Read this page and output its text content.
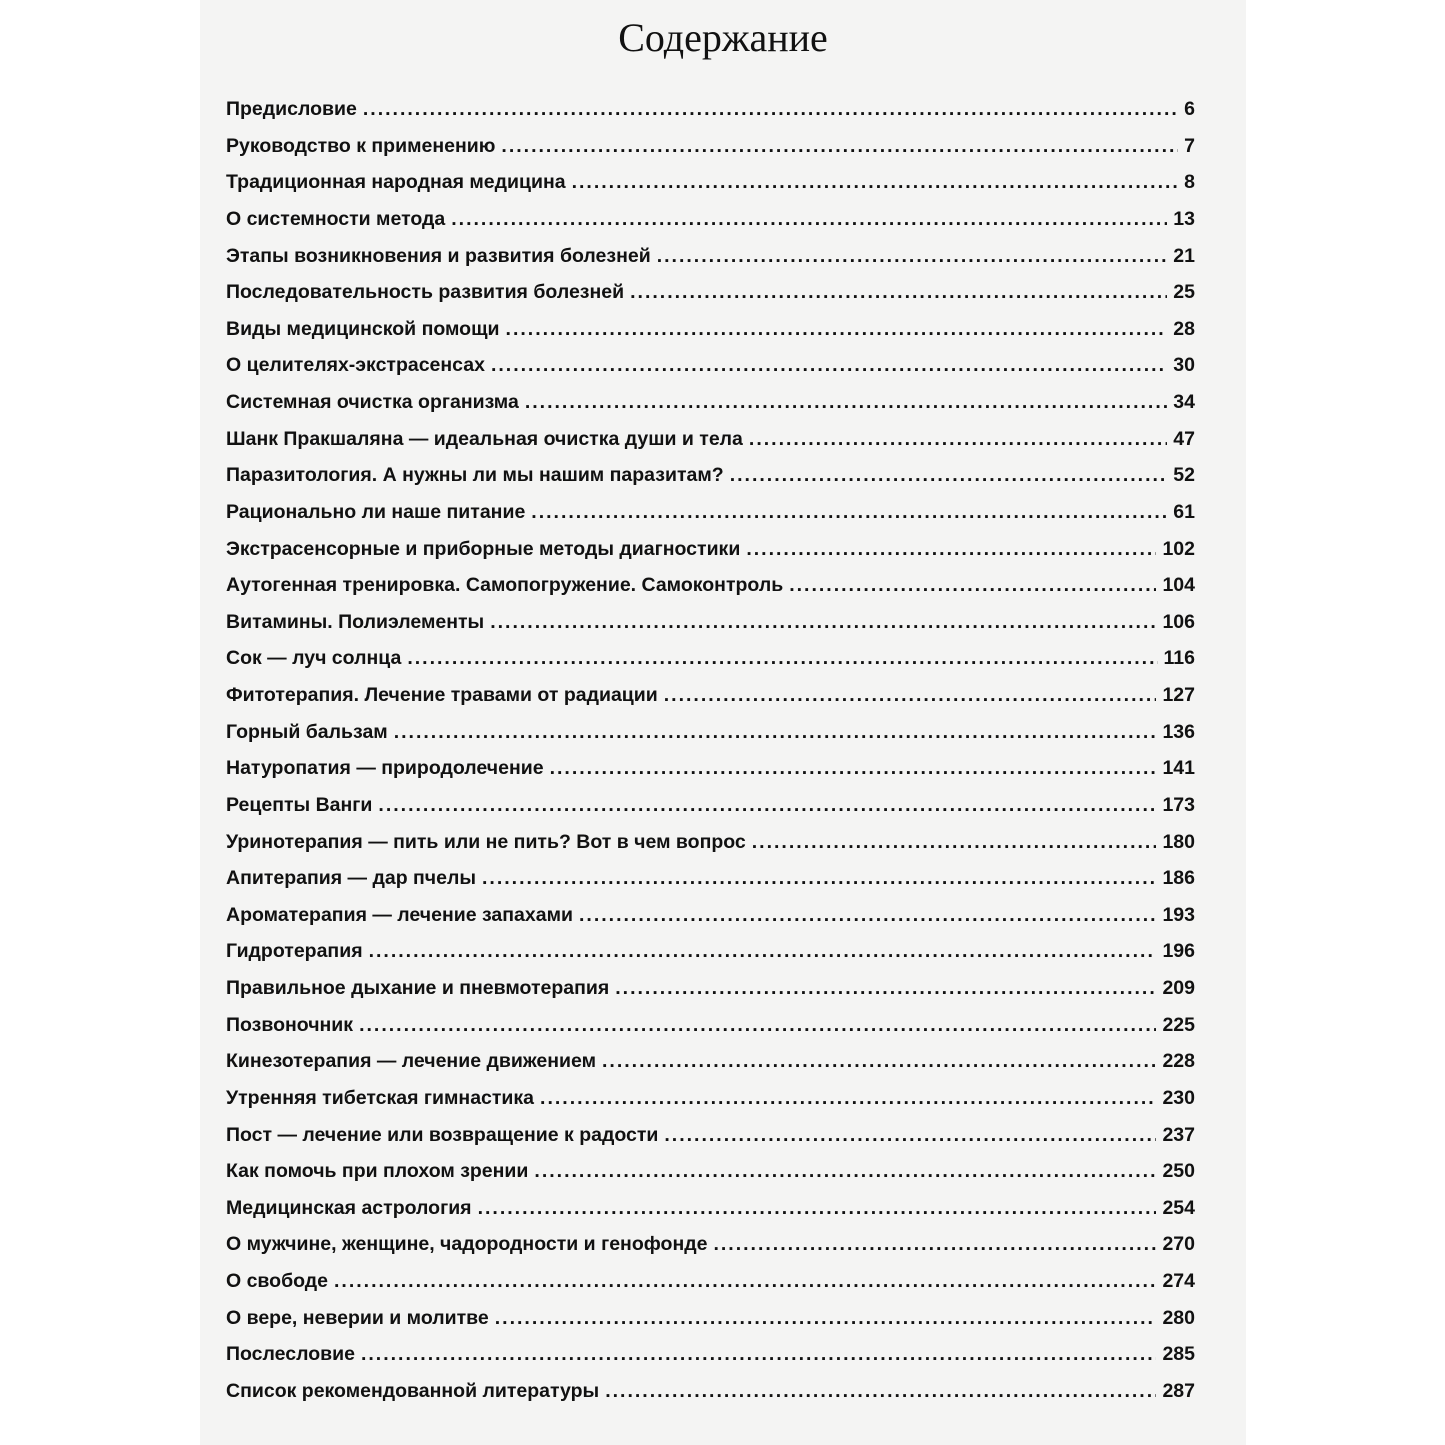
Содержание
Предисловие .....	6
Руководство к применению .....	7
Традиционная народная медицина .....	8
О системности метода .....	13
Этапы возникновения и развития болезней .....	21
Последовательность развития болезней .....	25
Виды медицинской помощи .....	28
О целителях-экстрасенсах .....	30
Системная очистка организма .....	34
Шанк Пракшаляна — идеальная очистка души и тела .....	47
Паразитология. А нужны ли мы нашим паразитам? .....	52
Рационально ли наше питание .....	61
Экстрасенсорные и приборные методы диагностики .....	102
Аутогенная тренировка. Самопогружение. Самоконтроль .....	104
Витамины. Полиэлементы .....	106
Сок — луч солнца .....	116
Фитотерапия. Лечение травами от радиации .....	127
Горный бальзам .....	136
Натуропатия — природолечение .....	141
Рецепты Ванги .....	173
Уринотерапия — пить или не пить? Вот в чем вопрос .....	180
Апитерапия — дар пчелы .....	186
Ароматерапия — лечение запахами .....	193
Гидротерапия .....	196
Правильное дыхание и пневмотерапия .....	209
Позвоночник .....	225
Кинезотерапия — лечение движением .....	228
Утренняя тибетская гимнастика .....	230
Пост — лечение или возвращение к радости .....	237
Как помочь при плохом зрении .....	250
Медицинская астрология .....	254
О мужчине, женщине, чадородности и генофонде .....	270
О свободе .....	274
О вере, неверии и молитве .....	280
Послесловие .....	285
Список рекомендованной литературы .....	287
